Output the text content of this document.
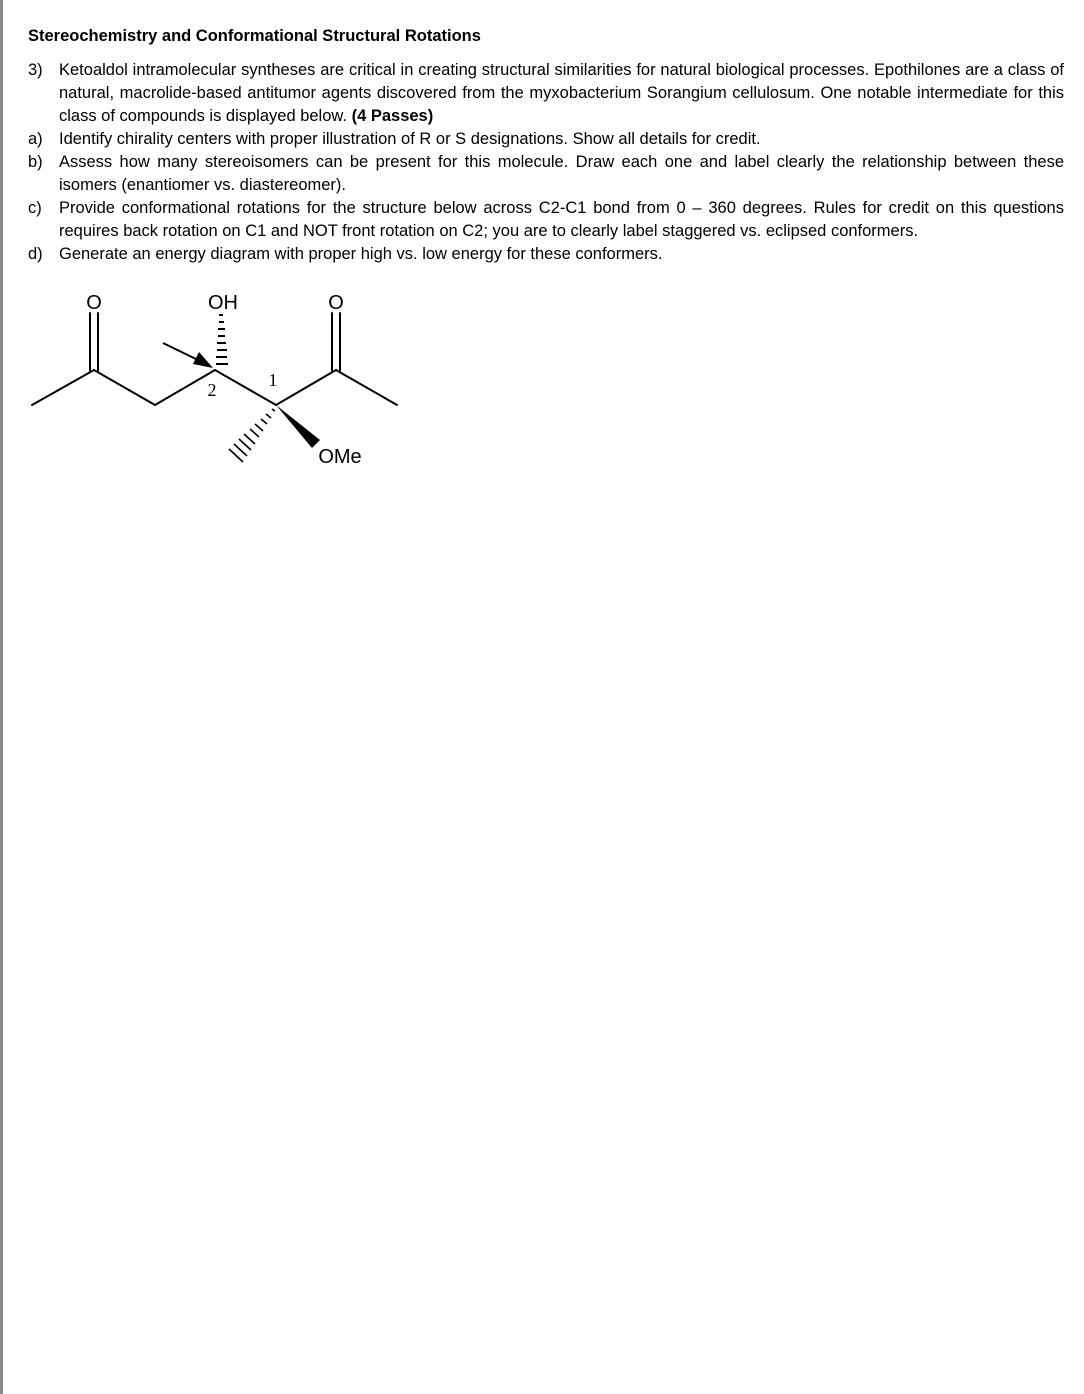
Stereochemistry and Conformational Structural Rotations
3) Ketoaldol intramolecular syntheses are critical in creating structural similarities for natural biological processes. Epothilones are a class of natural, macrolide-based antitumor agents discovered from the myxobacterium Sorangium cellulosum. One notable intermediate for this class of compounds is displayed below. (4 Passes)
a) Identify chirality centers with proper illustration of R or S designations. Show all details for credit.
b) Assess how many stereoisomers can be present for this molecule. Draw each one and label clearly the relationship between these isomers (enantiomer vs. diastereomer).
c) Provide conformational rotations for the structure below across C2-C1 bond from 0 – 360 degrees. Rules for credit on this questions requires back rotation on C1 and NOT front rotation on C2; you are to clearly label staggered vs. eclipsed conformers.
d) Generate an energy diagram with proper high vs. low energy for these conformers.
O	OH	O
OMe
2	1
